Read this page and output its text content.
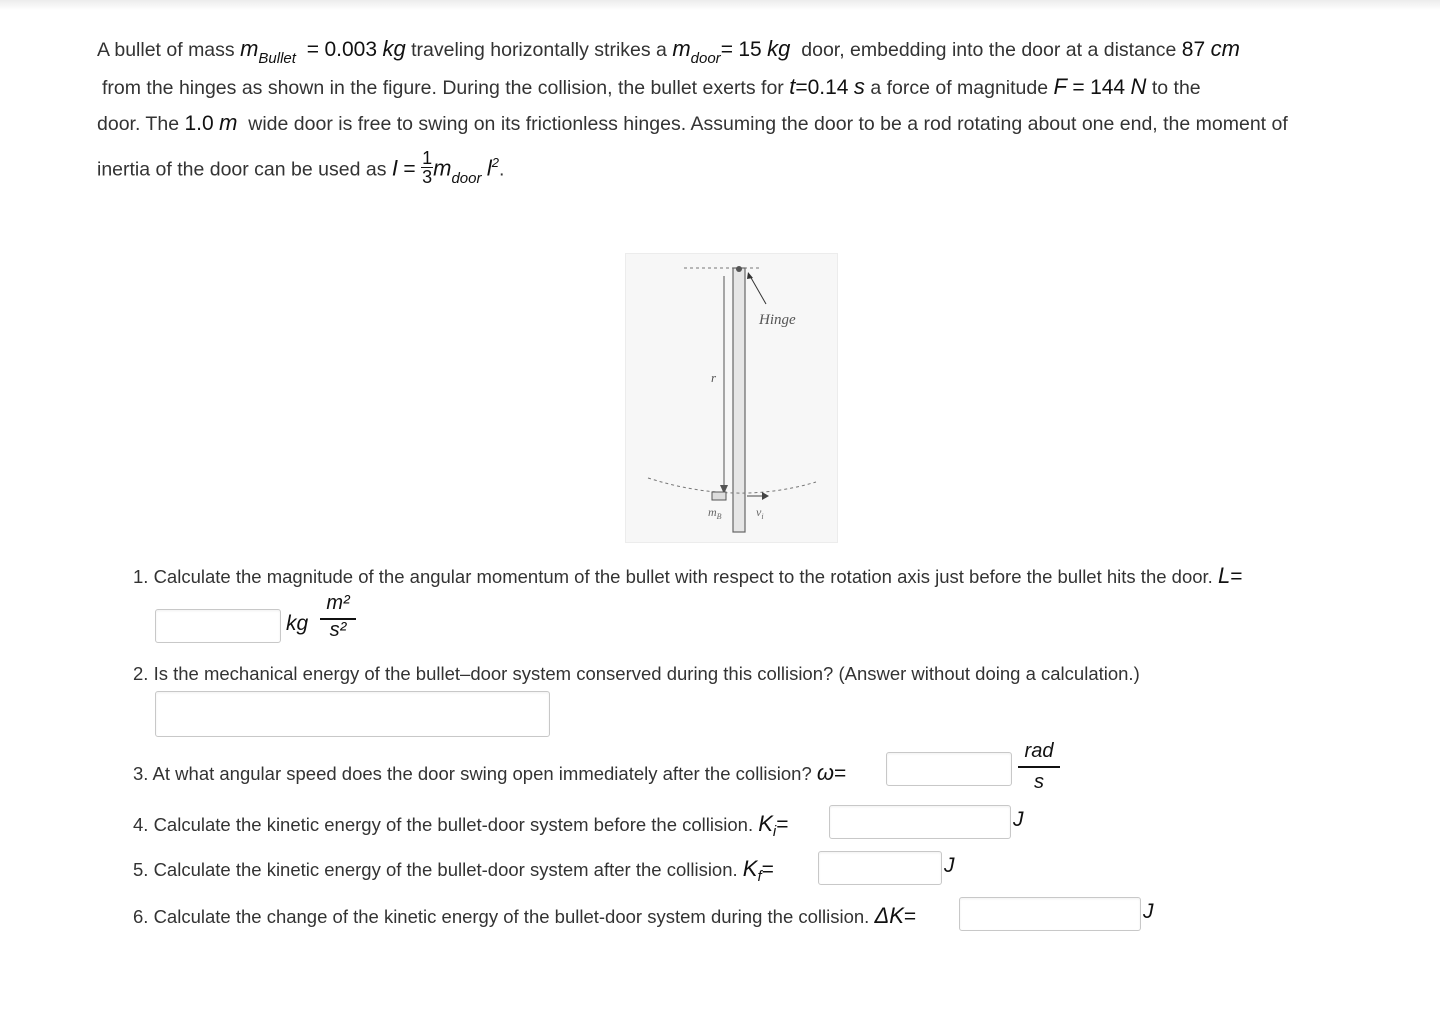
A bullet of mass $m_{Bullet} = 0.003$ kg traveling horizontally strikes a $m_{door}= 15$ kg door, embedding into the door at a distance 87 cm
from the hinges as shown in the figure. During the collision, the bullet exerts for t=0.14 s a force of magnitude F = 144 N to the
door. The 1.0 m wide door is free to swing on its frictionless hinges. Assuming the door to be a rod rotating about one end, the moment of
inertia of the door can be used as $I = \frac{1}{3} m_{door}$ $l^2$.
Hinge
r
$m_B$	$v_i$
1. Calculate the magnitude of the angular momentum of the bullet with respect to the rotation axis just before the bullet hits the door. L=
kg
m²
s²
2. Is the mechanical energy of the bullet–door system conserved during this collision? (Answer without doing a calculation.)
3. At what angular speed does the door swing open immediately after the collision? ω=
rad
s
4. Calculate the kinetic energy of the bullet-door system before the collision. $K_i=$	J
5. Calculate the kinetic energy of the bullet-door system after the collision. $K_f=$	J
6. Calculate the change of the kinetic energy of the bullet-door system during the collision. ΔK=	J
